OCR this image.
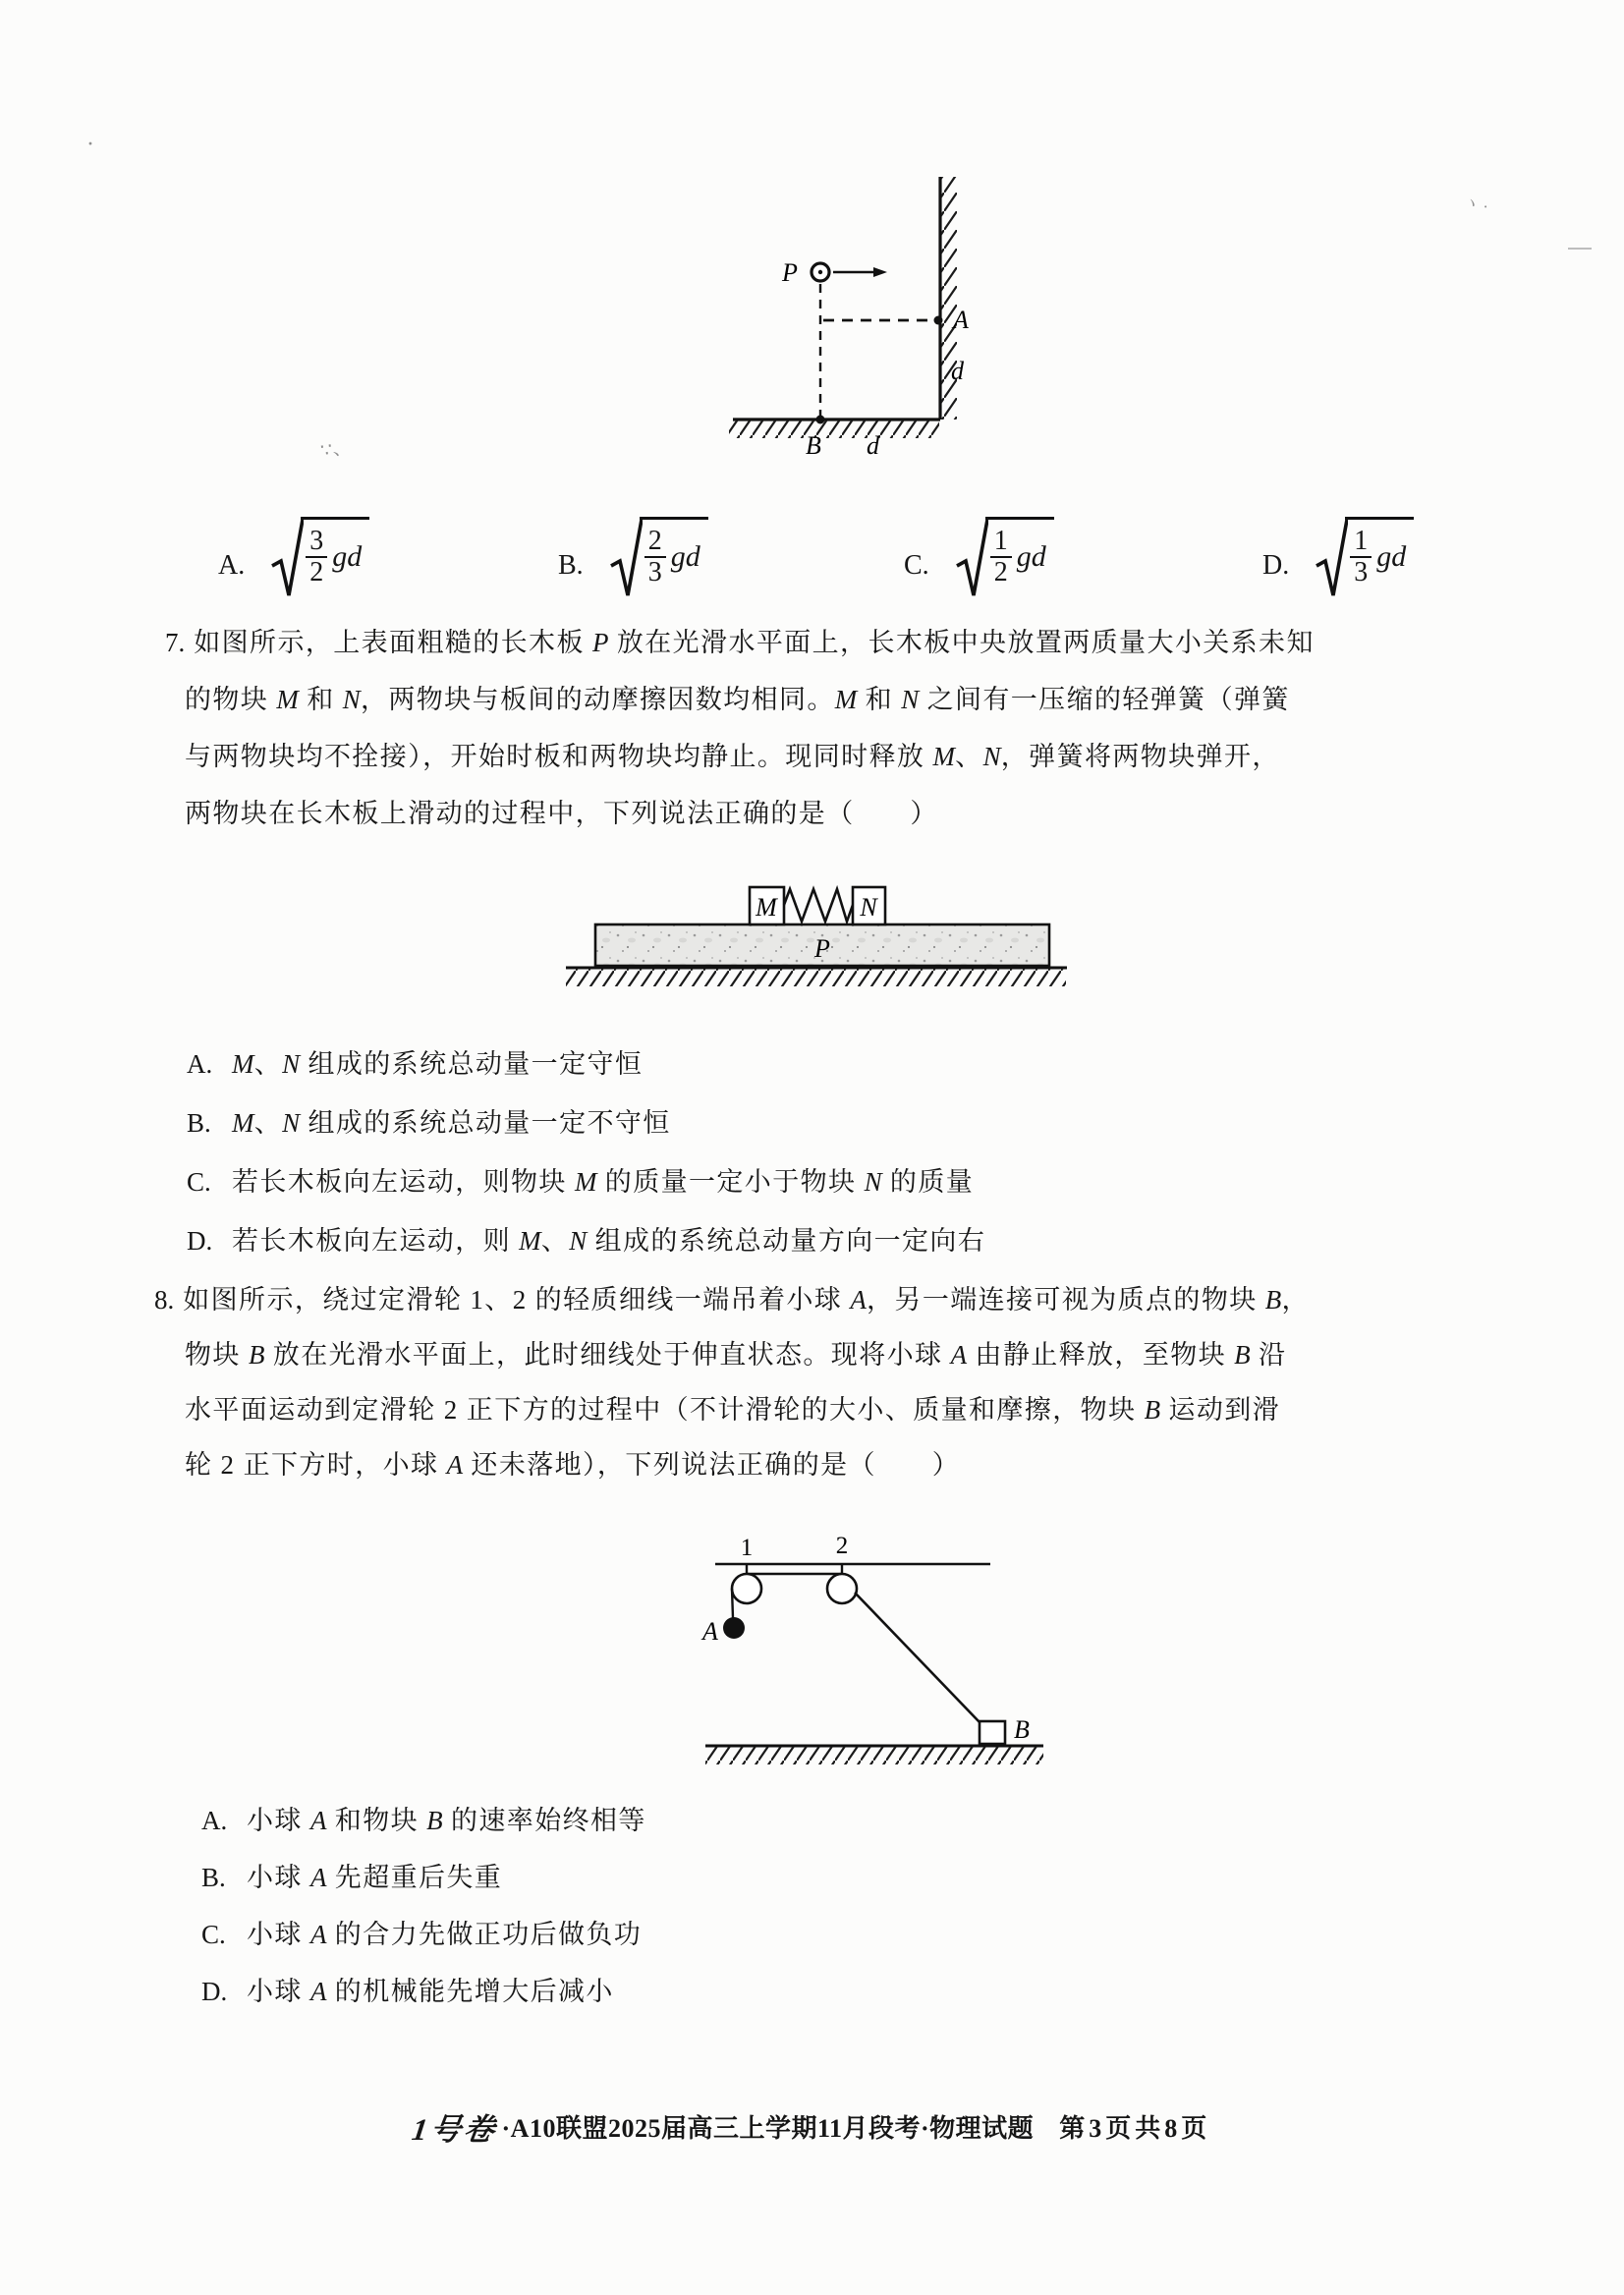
·
ヽ·
∵、
P
A
d
B d
A. $\frac{3}{2}$ gd	B. $\frac{2}{3}$ gd	C. $\frac{1}{2}$ gd	D. $\frac{1}{3}$ gd
7. 如图所示，上表面粗糙的长木板 P 放在光滑水平面上，长木板中央放置两质量大小关系未知
的物块 M 和 N，两物块与板间的动摩擦因数均相同。M 和 N 之间有一压缩的轻弹簧（弹簧
与两物块均不拴接），开始时板和两物块均静止。现同时释放 M、N，弹簧将两物块弹开，
两物块在长木板上滑动的过程中，下列说法正确的是（　　）
P
M	N
A. M、N 组成的系统总动量一定守恒
B. M、N 组成的系统总动量一定不守恒
C. 若长木板向左运动，则物块 M 的质量一定小于物块 N 的质量
D. 若长木板向左运动，则 M、N 组成的系统总动量方向一定向右
8. 如图所示，绕过定滑轮 1、2 的轻质细线一端吊着小球 A，另一端连接可视为质点的物块 B，
物块 B 放在光滑水平面上，此时细线处于伸直状态。现将小球 A 由静止释放，至物块 B 沿
水平面运动到定滑轮 2 正下方的过程中（不计滑轮的大小、质量和摩擦，物块 B 运动到滑
轮 2 正下方时，小球 A 还未落地），下列说法正确的是（　　）
1	2
A
B
A. 小球 A 和物块 B 的速率始终相等
B. 小球 A 先超重后失重
C. 小球 A 的合力先做正功后做负功
D. 小球 A 的机械能先增大后减小
1号卷 ·A10联盟2025届高三上学期11月段考·物理试题 第3页共8页
